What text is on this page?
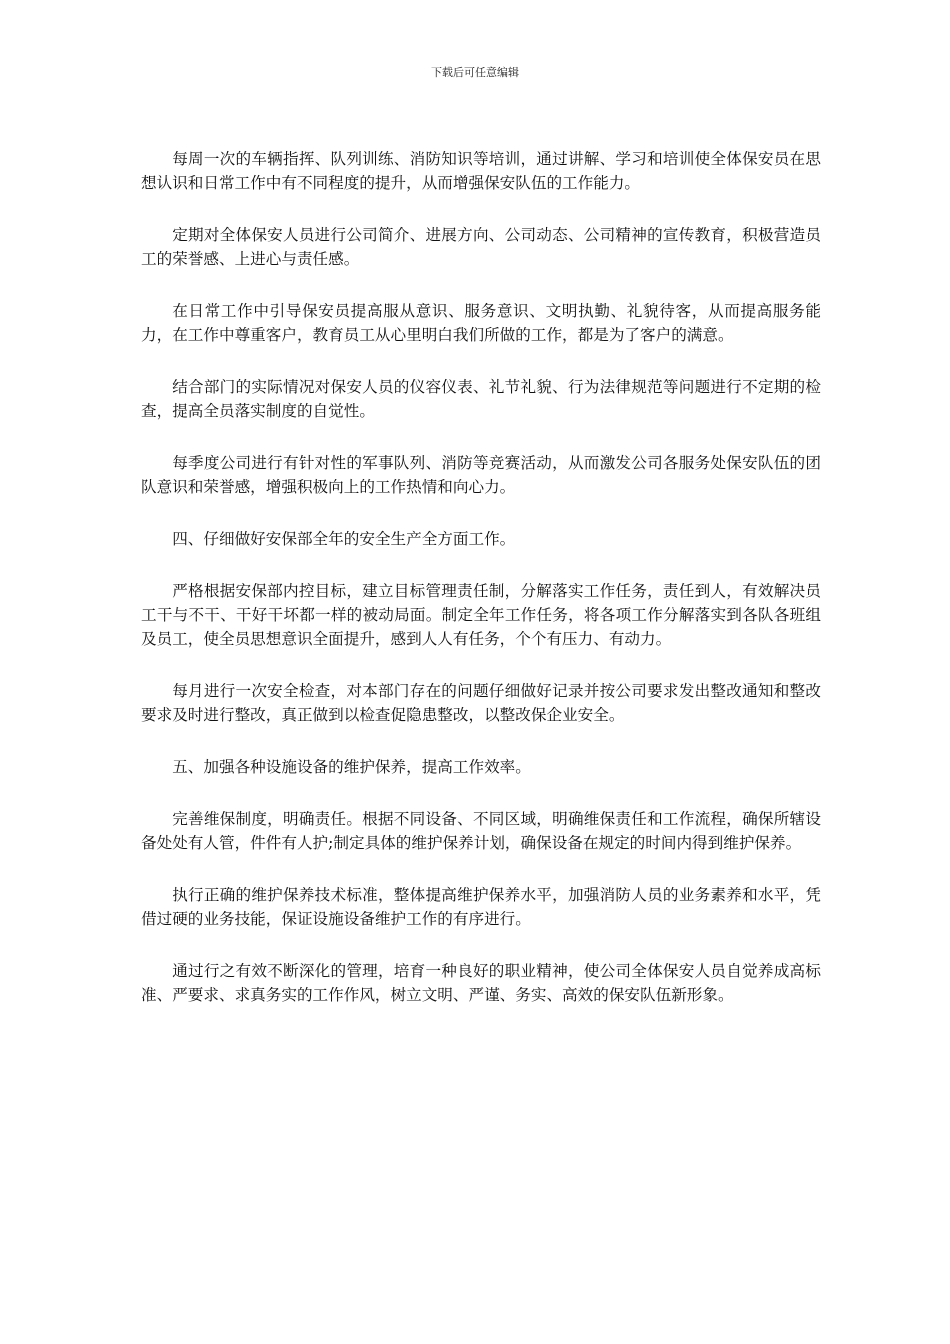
下载后可任意编辑

每周一次的车辆指挥、队列训练、消防知识等培训，通过讲解、学习和培训使全体保安员在思想认识和日常工作中有不同程度的提升，从而增强保安队伍的工作能力。

定期对全体保安人员进行公司简介、进展方向、公司动态、公司精神的宣传教育，积极营造员工的荣誉感、上进心与责任感。

在日常工作中引导保安员提高服从意识、服务意识、文明执勤、礼貌待客，从而提高服务能力，在工作中尊重客户，教育员工从心里明白我们所做的工作，都是为了客户的满意。

结合部门的实际情况对保安人员的仪容仪表、礼节礼貌、行为法律规范等问题进行不定期的检查，提高全员落实制度的自觉性。

每季度公司进行有针对性的军事队列、消防等竞赛活动，从而激发公司各服务处保安队伍的团队意识和荣誉感，增强积极向上的工作热情和向心力。

四、仔细做好安保部全年的安全生产全方面工作。

严格根据安保部内控目标，建立目标管理责任制，分解落实工作任务，责任到人，有效解决员工干与不干、干好干坏都一样的被动局面。制定全年工作任务，将各项工作分解落实到各队各班组及员工，使全员思想意识全面提升，感到人人有任务，个个有压力、有动力。

每月进行一次安全检查，对本部门存在的问题仔细做好记录并按公司要求发出整改通知和整改要求及时进行整改，真正做到以检查促隐患整改，以整改保企业安全。

五、加强各种设施设备的维护保养，提高工作效率。

完善维保制度，明确责任。根据不同设备、不同区域，明确维保责任和工作流程，确保所辖设备处处有人管，件件有人护;制定具体的维护保养计划，确保设备在规定的时间内得到维护保养。

执行正确的维护保养技术标准，整体提高维护保养水平，加强消防人员的业务素养和水平，凭借过硬的业务技能，保证设施设备维护工作的有序进行。

通过行之有效不断深化的管理，培育一种良好的职业精神，使公司全体保安人员自觉养成高标准、严要求、求真务实的工作作风，树立文明、严谨、务实、高效的保安队伍新形象。
